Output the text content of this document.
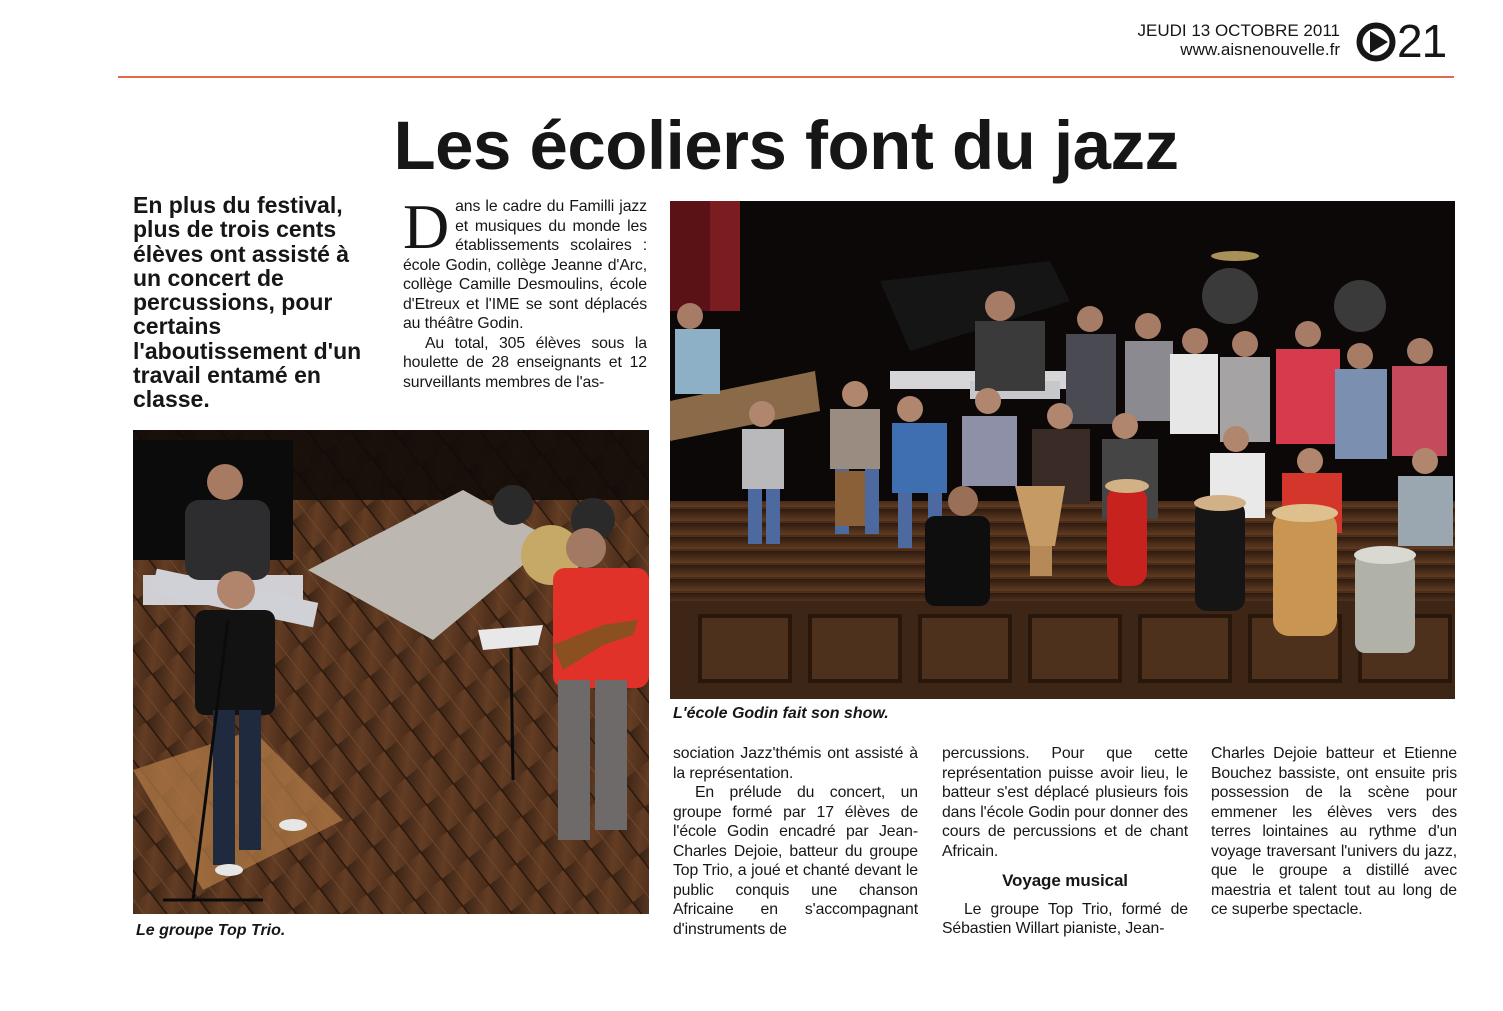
JEUDI 13 OCTOBRE 2011
www.aisnenouvelle.fr 21
Les écoliers font du jazz
En plus du festival, plus de trois cents élèves ont assisté à un concert de percussions, pour certains l'aboutissement d'un travail entamé en classe.

Dans le cadre du Familli jazz et musiques du monde les établissements scolaires : école Godin, collège Jeanne d'Arc, collège Camille Desmoulins, école d'Etreux et l'IME se sont déplacés au théâtre Godin.

Au total, 305 élèves sous la houlette de 28 enseignants et 12 surveillants membres de l'as-

Le groupe Top Trio.
L'école Godin fait son show.

sociation Jazz'thémis ont assisté à la représentation.

En prélude du concert, un groupe formé par 17 élèves de l'école Godin encadré par Jean-Charles Dejoie, batteur du groupe Top Trio, a joué et chanté devant le public conquis une chanson Africaine en s'accompagnant d'instruments de

percussions. Pour que cette représentation puisse avoir lieu, le batteur s'est déplacé plusieurs fois dans l'école Godin pour donner des cours de percussions et de chant Africain.

Voyage musical

Le groupe Top Trio, formé de Sébastien Willart pianiste, Jean-

Charles Dejoie batteur et Etienne Bouchez bassiste, ont ensuite pris possession de la scène pour emmener les élèves vers des terres lointaines au rythme d'un voyage traversant l'univers du jazz, que le groupe a distillé avec maestria et talent tout au long de ce superbe spectacle.
